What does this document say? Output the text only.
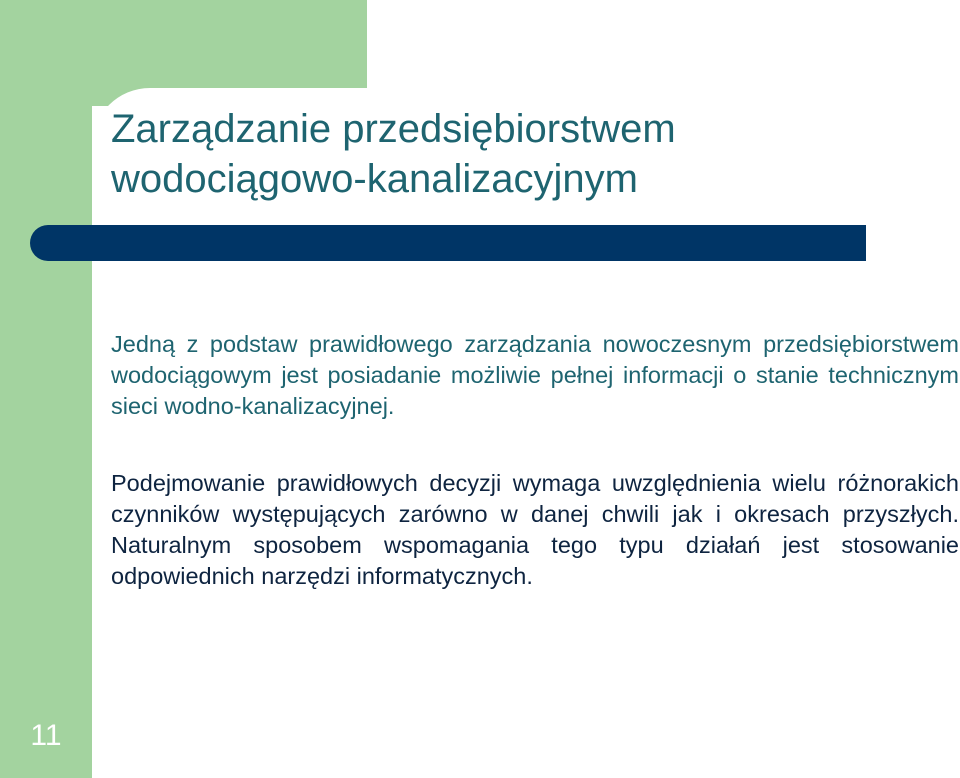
Zarządzanie przedsiębiorstwem
wodociągowo-kanalizacyjnym

Jedną z podstaw prawidłowego zarządzania nowoczesnym przedsiębiorstwem wodociągowym jest posiadanie możliwie pełnej informacji o stanie technicznym sieci wodno-kanalizacyjnej.

Podejmowanie prawidłowych decyzji wymaga uwzględnienia wielu różnorakich czynników występujących zarówno w danej chwili jak i okresach przyszłych. Naturalnym sposobem wspomagania tego typu działań jest stosowanie odpowiednich narzędzi informatycznych.

11
